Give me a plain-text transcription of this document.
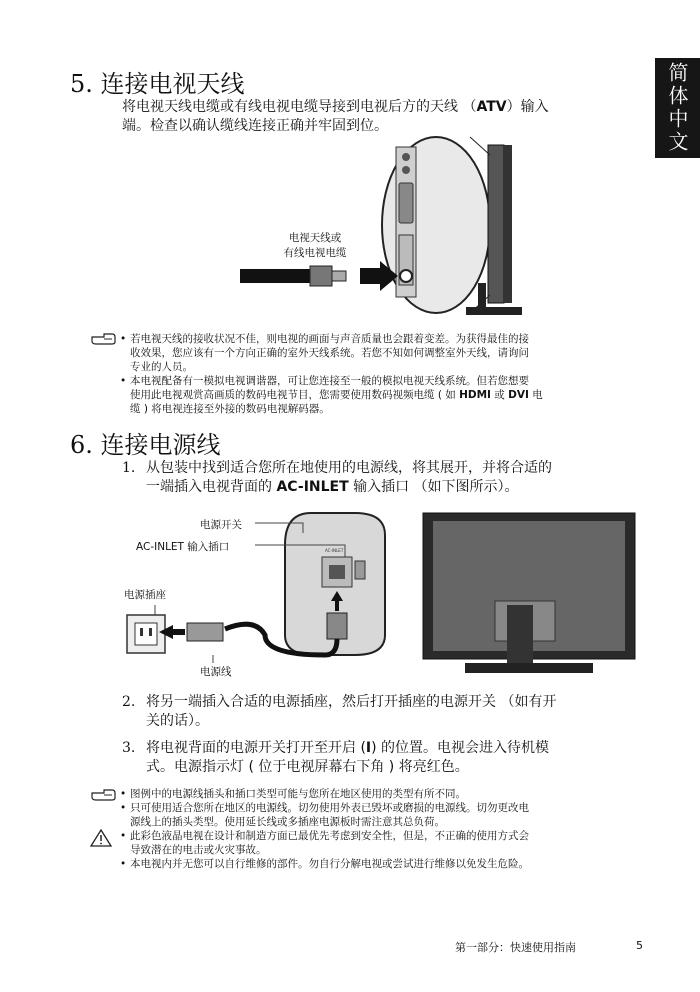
简体中文
5. 连接电视天线
将电视天线电缆或有线电视电缆导接到电视后方的天线 （ATV）输入
端。检查以确认缆线连接正确并牢固到位。
电视天线或
有线电视电缆
• 若电视天线的接收状况不佳，则电视的画面与声音质量也会跟着变差。为获得最佳的接
收效果，您应该有一个方向正确的室外天线系统。若您不知如何调整室外天线，请询问
专业的人员。
• 本电视配备有一模拟电视调谐器，可让您连接至一般的模拟电视天线系统。但若您想要
使用此电视观赏高画质的数码电视节目，您需要使用数码视频电缆 ( 如 HDMI 或 DVI 电
缆 ) 将电视连接至外接的数码电视解码器。
6. 连接电源线
1. 从包装中找到适合您所在地使用的电源线，将其展开，并将合适的
一端插入电视背面的 AC-INLET 输入插口 （如下图所示）。
AC-INLET
电源开关
AC-INLET 输入插口
电源插座
电源线
2. 将另一端插入合适的电源插座，然后打开插座的电源开关 （如有开
关的话）。
3. 将电视背面的电源开关打开至开启 (I) 的位置。电视会进入待机模
式。电源指示灯 ( 位于电视屏幕右下角 ) 将亮红色。
• 图例中的电源线插头和插口类型可能与您所在地区使用的类型有所不同。
• 只可使用适合您所在地区的电源线。切勿使用外表已毁坏或磨损的电源线。切勿更改电
源线上的插头类型。使用延长线或多插座电源板时需注意其总负荷。
• 此彩色液晶电视在设计和制造方面已最优先考虑到安全性，但是，不正确的使用方式会
导致潜在的电击或火灾事故。
• 本电视内并无您可以自行维修的部件。勿自行分解电视或尝试进行维修以免发生危险。
第一部分：快速使用指南	5
